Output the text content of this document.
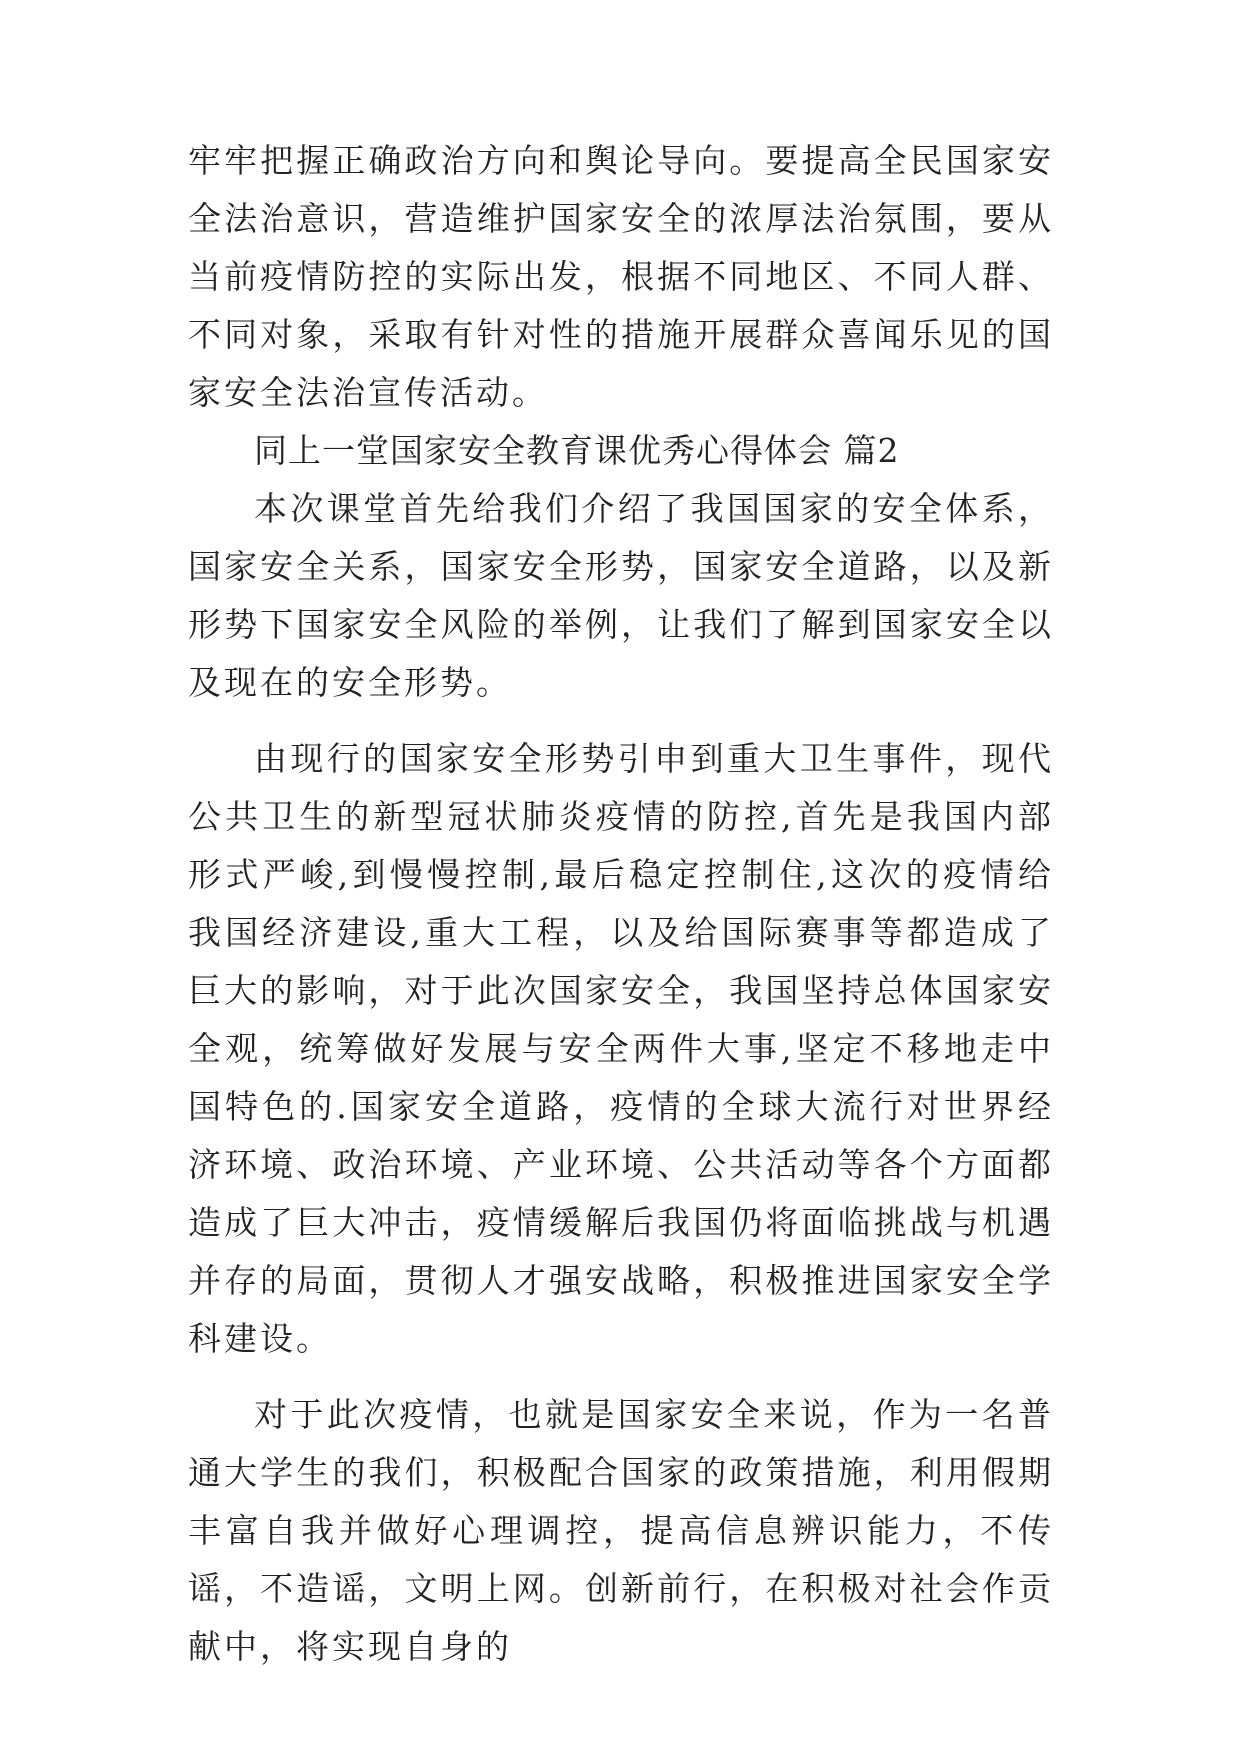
牢牢把握正确政治方向和舆论导向。要提高全民国家安全法治意识，营造维护国家安全的浓厚法治氛围，要从当前疫情防控的实际出发，根据不同地区、不同人群、不同对象，采取有针对性的措施开展群众喜闻乐见的国家安全法治宣传活动。

同上一堂国家安全教育课优秀心得体会 篇2

本次课堂首先给我们介绍了我国国家的安全体系，国家安全关系，国家安全形势，国家安全道路，以及新形势下国家安全风险的举例，让我们了解到国家安全以及现在的安全形势。

由现行的国家安全形势引申到重大卫生事件，现代公共卫生的新型冠状肺炎疫情的防控,首先是我国内部形式严峻,到慢慢控制,最后稳定控制住,这次的疫情给我国经济建设,重大工程，以及给国际赛事等都造成了巨大的影响，对于此次国家安全，我国坚持总体国家安全观，统筹做好发展与安全两件大事,坚定不移地走中国特色的.国家安全道路，疫情的全球大流行对世界经济环境、政治环境、产业环境、公共活动等各个方面都造成了巨大冲击，疫情缓解后我国仍将面临挑战与机遇并存的局面，贯彻人才强安战略，积极推进国家安全学科建设。

对于此次疫情，也就是国家安全来说，作为一名普通大学生的我们，积极配合国家的政策措施，利用假期丰富自我并做好心理调控，提高信息辨识能力，不传谣，不造谣，文明上网。创新前行，在积极对社会作贡献中，将实现自身的
